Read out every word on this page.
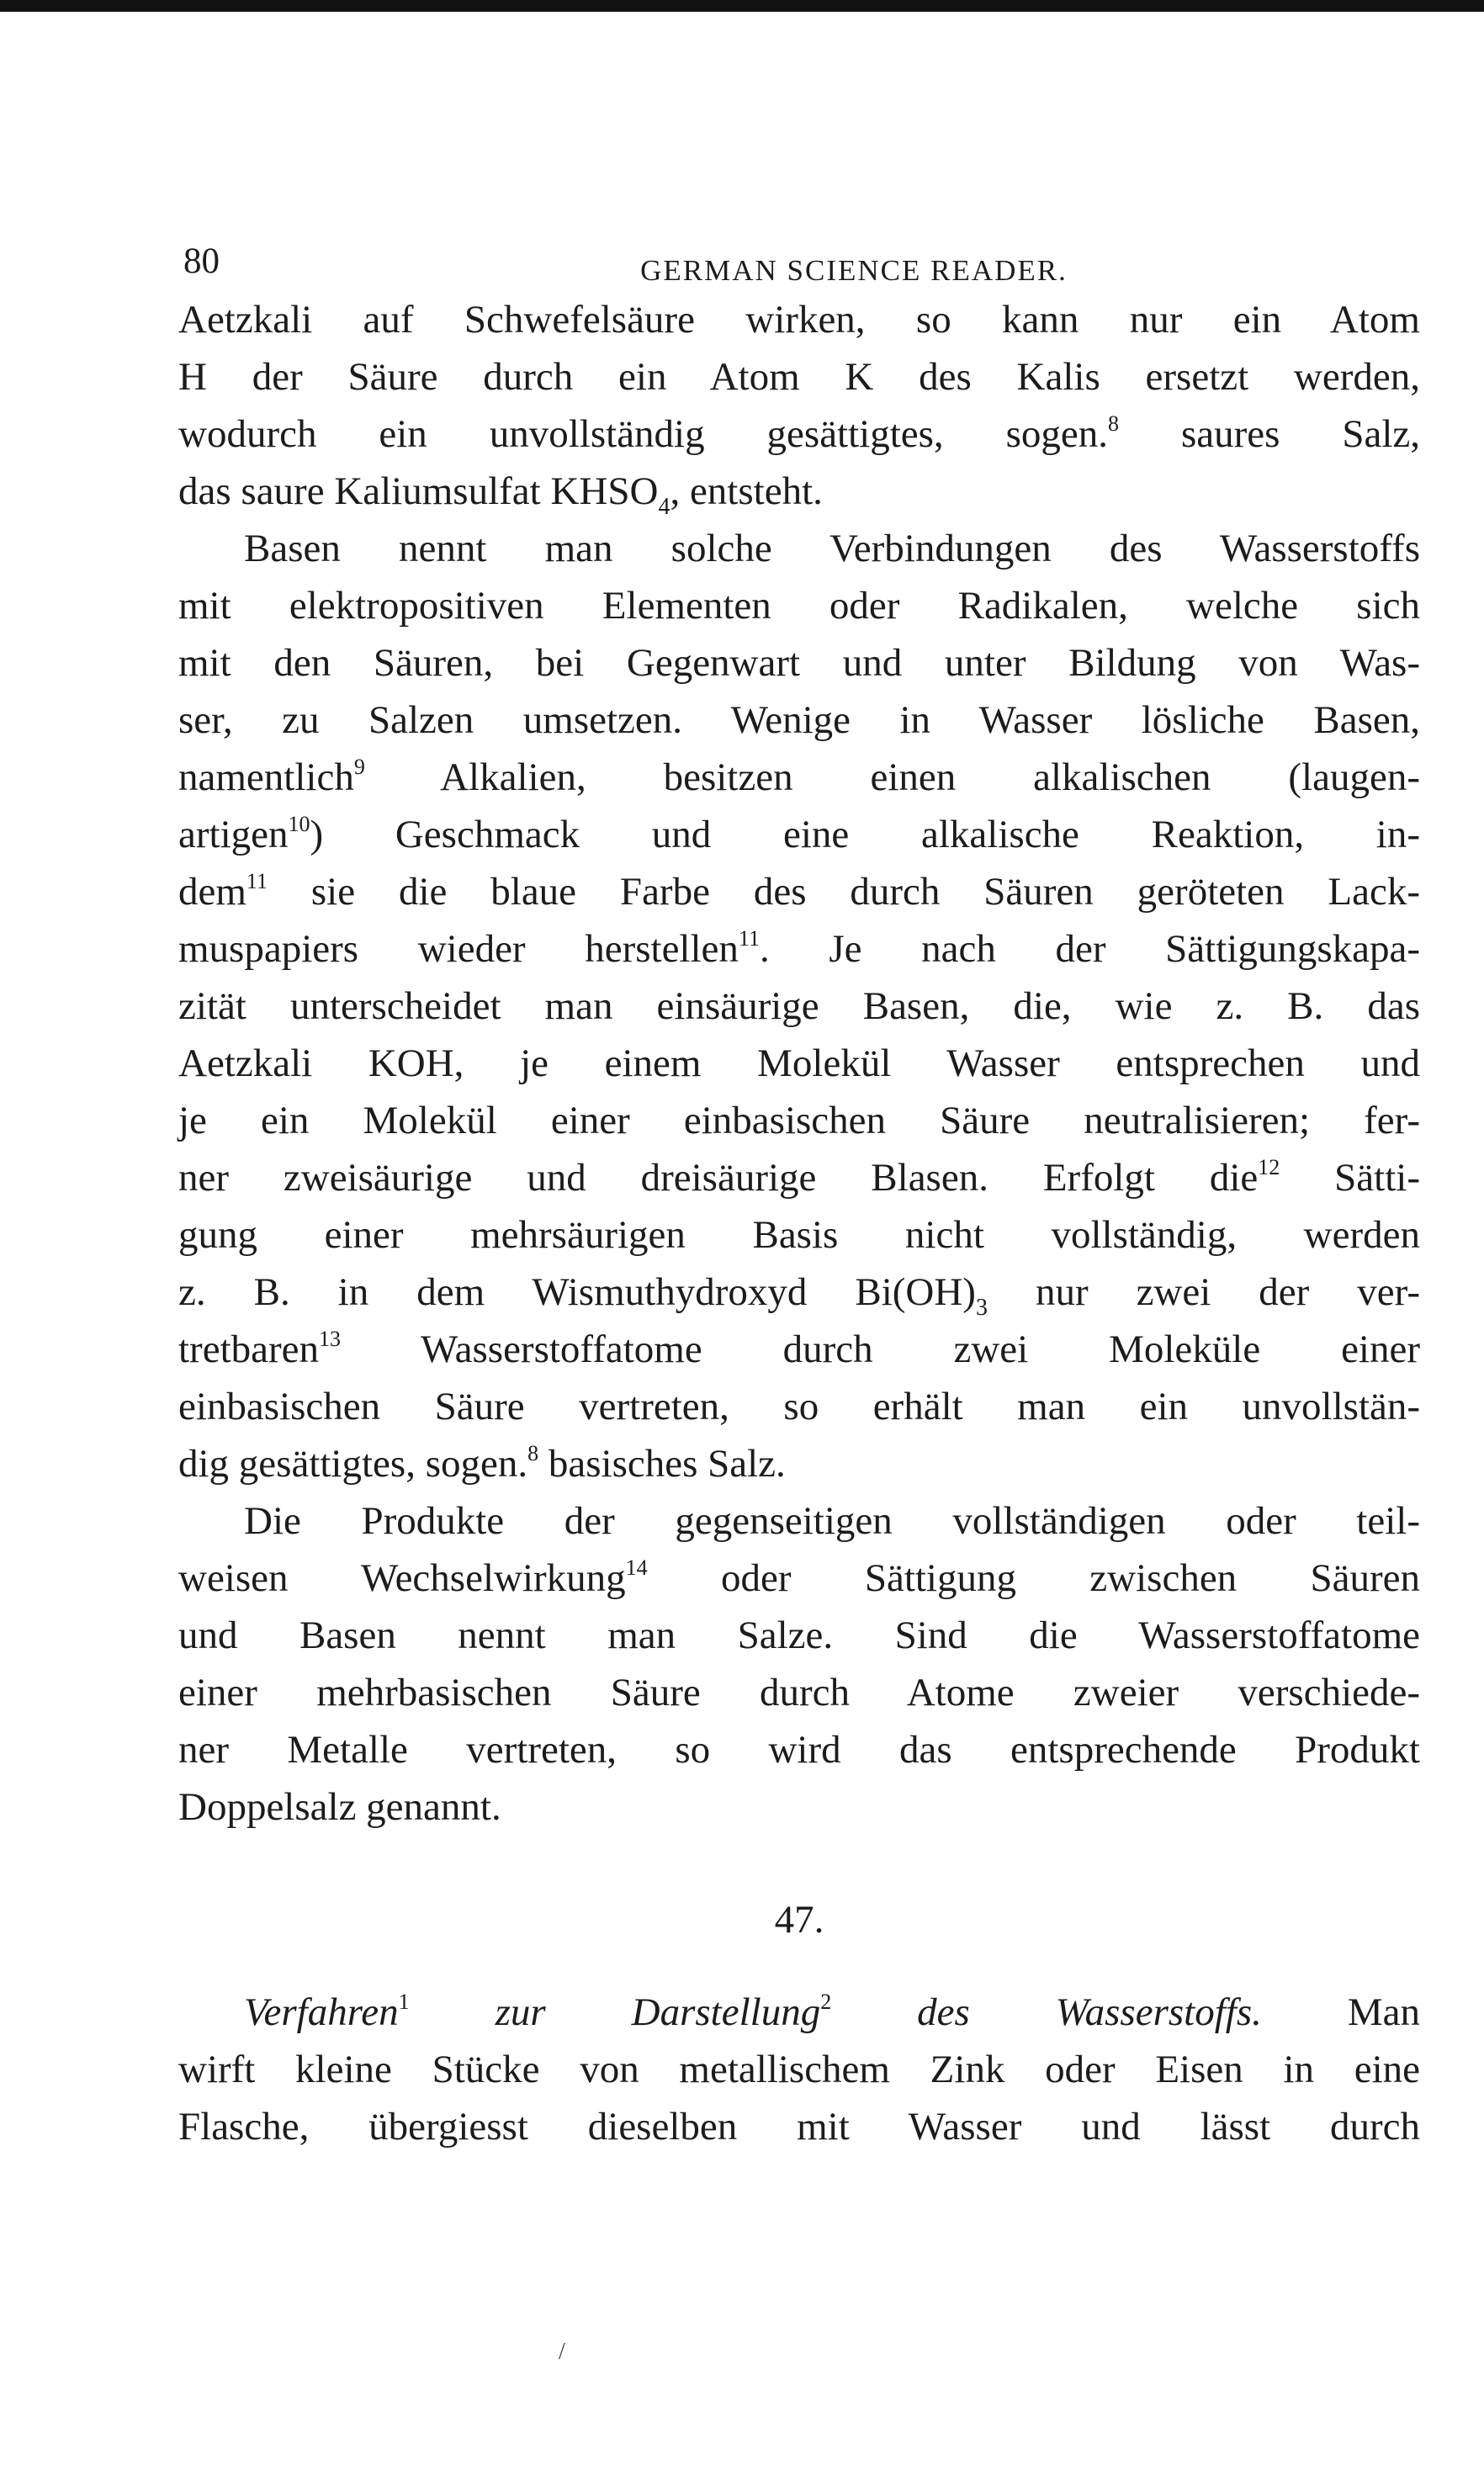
80	GERMAN SCIENCE READER.
Aetzkali auf Schwefelsäure wirken, so kann nur ein Atom
H der Säure durch ein Atom K des Kalis ersetzt werden,
wodurch ein unvollständig gesättigtes, sogen.$^8$ saures Salz,
das saure Kaliumsulfat $KHSO_4$, entsteht.
Basen nennt man solche Verbindungen des Wasserstoffs
mit elektropositiven Elementen oder Radikalen, welche sich
mit den Säuren, bei Gegenwart und unter Bildung von Was-
ser, zu Salzen umsetzen. Wenige in Wasser lösliche Basen,
namentlich$^9$ Alkalien, besitzen einen alkalischen (laugen-
artigen$^{10}$) Geschmack und eine alkalische Reaktion, in-
dem$^{11}$ sie die blaue Farbe des durch Säuren geröteten Lack-
muspapiers wieder herstellen$^{11}$. Je nach der Sättigungskapa-
zität unterscheidet man einsäurige Basen, die, wie z. B. das
Aetzkali KOH, je einem Molekül Wasser entsprechen und
je ein Molekül einer einbasischen Säure neutralisieren; fer-
ner zweisäurige und dreisäurige Blasen. Erfolgt die$^{12}$ Sätti-
gung einer mehrsäurigen Basis nicht vollständig, werden
z. B. in dem Wismuthydroxyd $Bi(OH)_3$ nur zwei der ver-
tretbaren$^{13}$ Wasserstoffatome durch zwei Moleküle einer
einbasischen Säure vertreten, so erhält man ein unvollstän-
dig gesättigtes, sogen.$^8$ basisches Salz.
Die Produkte der gegenseitigen vollständigen oder teil-
weisen Wechselwirkung$^{14}$ oder Sättigung zwischen Säuren
und Basen nennt man Salze. Sind die Wasserstoffatome
einer mehrbasischen Säure durch Atome zweier verschiede-
ner Metalle vertreten, so wird das entsprechende Produkt
Doppelsalz genannt.
47.
Verfahren$^1$ zur Darstellung$^2$ des Wasserstoffs. Man
wirft kleine Stücke von metallischem Zink oder Eisen in eine
Flasche, übergiesst dieselben mit Wasser und lässt durch
/
